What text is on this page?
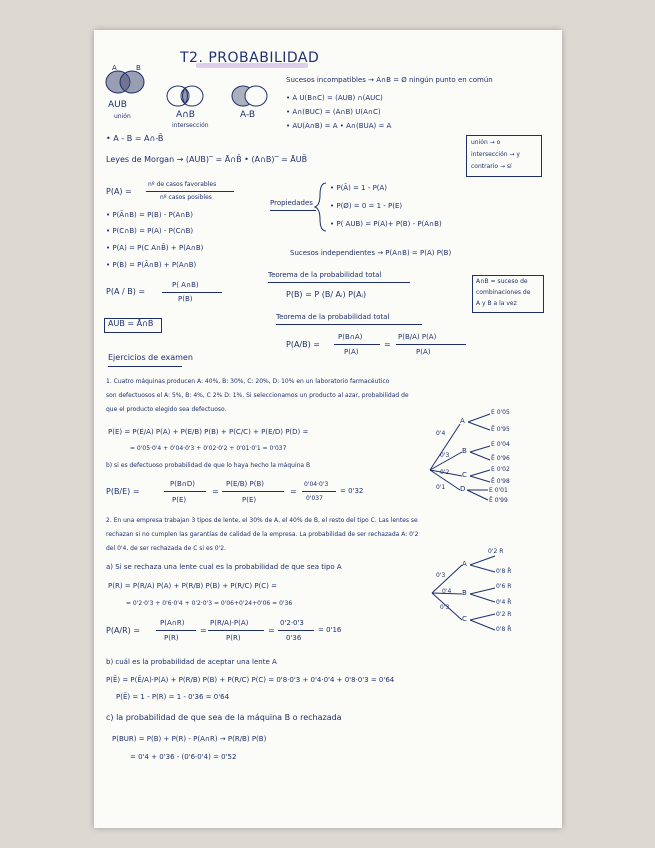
T2. PROBABILIDAD
A	B
AUB
unión	A∩B
intersección
A-B
• A - B = A∩-B̄
Leyes de Morgan → (AUB)‾ = Ā∩B̄ • (A∩B)‾ = ĀUB̄
P(A) =
nº de casos favorables
nº casos posibles
• P(Ā∩B) = P(B) - P(A∩B)
• P(C∩B) = P(A) - P(C∩B)
• P(A) = P(C A∩B̄) + P(A∩B)
• P(B) = P(Ā∩B) + P(A∩B)
P(A / B) =
P( A∩B)
P(B)
AUB = Ā∩B̄
Ejercicios de examen
Sucesos incompatibles → A∩B = Ø ningún punto en común
• A U(B∩C) = (AUB) ∩(AUC)
• A∩(BUC) = (A∩B) U(A∩C)
• AU(A∩B) = A • A∩(BUA) = A
unión → o
intersección → y
contrario → sí
Propiedades
• P(Ā) = 1 - P(A)
• P(Ø) = 0 = 1 - P(E)
• P( AUB) = P(A)+ P(B) - P(A∩B)
Sucesos independientes → P(A∩B) = P(A) P(B)
Teorema de la probabilidad total
P(B) = P (B/ Aᵢ) P(Aᵢ)
A∩B = suceso de
combinaciones de
A y B a la vez
Teorema de la probabilidad total
P(A/B) =
P(B∩A)
P(A)
=
P(B/A) P(A)
P(A)
1. Cuatro máquinas producen A: 40%, B: 30%, C: 20%, D: 10% en un laboratorio farmacéutico
son defectuosos el A: 5%, B: 4%, C 2% D: 1%. Si seleccionamos un producto al azar, probabilidad de
que el producto elegido sea defectuoso.
P(E) = P(E/A) P(A) + P(E/B) P(B) + P(C/C) + P(E/D) P(D) =
= 0'05·0'4 + 0'04·0'3 + 0'02·0'2 + 0'01·0'1 = 0'037
b) si es defectuoso probabilidad de que lo haya hecho la máquina B
P(B/E) =
P(B∩D)
P(E)
=
P(E/B) P(B)
P(E)
=
0'04·0'3
0'037
= 0'32
0'4
0'3
0'2
0'1
A
B
C
D
E 0'05
Ē 0'95
E 0'04
Ē 0'96
E 0'02
Ē 0'98
E 0'01
Ē 0'99
2. En una empresa trabajan 3 tipos de lente, el 30% de A, el 40% de B, el resto del tipo C. Las lentes se
rechazan si no cumplen las garantías de calidad de la empresa. La probabilidad de ser rechazada A: 0'2
del 0'4, de ser rechazada de C si es 0'2.
a) Si se rechaza una lente cual es la probabilidad de que sea tipo A
P(R) = P(R/A) P(A) + P(R/B) P(B) + P(R/C) P(C) =
= 0'2·0'3 + 0'6·0'4 + 0'2·0'3 = 0'06+0'24+0'06 = 0'36
P(A/R) =
P(A∩R)
P(R)
=
P(R/A)·P(A)
P(R)
=
0'2·0'3
0'36
= 0'16
b) cuál es la probabilidad de aceptar una lente A
P(Ē) = P(Ē/A)·P(A) + P(R/B) P(B) + P(R/C) P(C) = 0'8·0'3 + 0'4·0'4 + 0'8·0'3 = 0'64
P(Ē) = 1 - P(R) = 1 - 0'36 = 0'64
c) la probabilidad de que sea de la máquina B o rechazada
P(BUR) = P(B) + P(R) - P(A∩R) → P(R/B) P(B)
= 0'4 + 0'36 - (0'6·0'4) = 0'52
0'3
0'4
0'3
A
B
C
0'2 R
0'8 R̄
0'6 R
0'4 R̄
0'2 R
0'8 R̄
